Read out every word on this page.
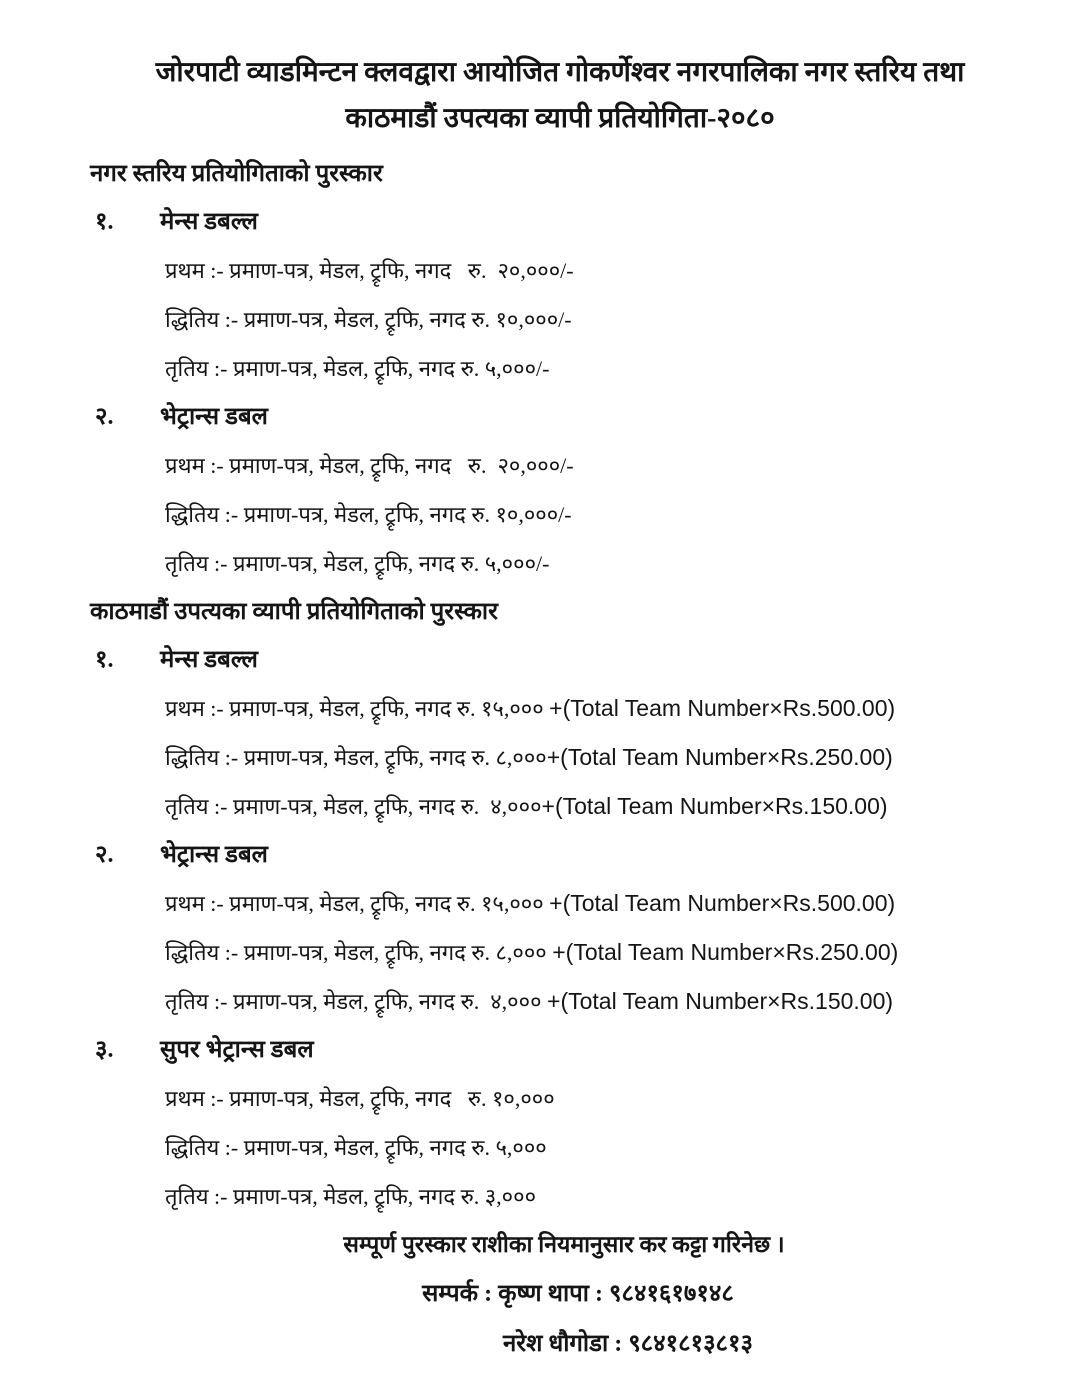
जोरपाटी व्याडमिन्टन क्लवद्वारा आयोजित गोकर्णेश्वर नगरपालिका नगर स्तरिय तथा
काठमाडौं उपत्यका व्यापी प्रतियोगिता-२०८०
नगर स्तरिय प्रतियोगिताको पुरस्कार
१.	मेन्स डबल्ल
प्रथम :- प्रमाण-पत्र, मेडल, ट्रृफि, नगद   रु.  २०,०००/-
द्धितिय :- प्रमाण-पत्र, मेडल, ट्रृफि, नगद रु. १०,०००/-
तृतिय :- प्रमाण-पत्र, मेडल, ट्रृफि, नगद रु. ५,०००/-
२.	भेट्रान्स डबल
प्रथम :- प्रमाण-पत्र, मेडल, ट्रृफि, नगद   रु.  २०,०००/-
द्धितिय :- प्रमाण-पत्र, मेडल, ट्रृफि, नगद रु. १०,०००/-
तृतिय :- प्रमाण-पत्र, मेडल, ट्रृफि, नगद रु. ५,०००/-
काठमाडौं उपत्यका व्यापी प्रतियोगिताको पुरस्कार
१.	मेन्स डबल्ल
प्रथम :- प्रमाण-पत्र, मेडल, ट्रृफि, नगद रु. १५,००० +(Total Team Number×Rs.500.00)
द्धितिय :- प्रमाण-पत्र, मेडल, ट्रृफि, नगद रु. ८,०००+(Total Team Number×Rs.250.00)
तृतिय :- प्रमाण-पत्र, मेडल, ट्रृफि, नगद रु.  ४,०००+(Total Team Number×Rs.150.00)
२.	भेट्रान्स डबल
प्रथम :- प्रमाण-पत्र, मेडल, ट्रृफि, नगद रु. १५,००० +(Total Team Number×Rs.500.00)
द्धितिय :- प्रमाण-पत्र, मेडल, ट्रृफि, नगद रु. ८,००० +(Total Team Number×Rs.250.00)
तृतिय :- प्रमाण-पत्र, मेडल, ट्रृफि, नगद रु.  ४,००० +(Total Team Number×Rs.150.00)
३.	सुपर भेट्रान्स डबल
प्रथम :- प्रमाण-पत्र, मेडल, ट्रृफि, नगद   रु. १०,०००
द्धितिय :- प्रमाण-पत्र, मेडल, ट्रृफि, नगद रु. ५,०००
तृतिय :- प्रमाण-पत्र, मेडल, ट्रृफि, नगद रु. ३,०००
सम्पूर्ण पुरस्कार राशीका नियमानुसार कर कट्टा गरिनेछ ।
सम्पर्क : कृष्ण थापा : ९८४१६१७१४८
नरेश धौगोडा : ९८४१८१३८१३
